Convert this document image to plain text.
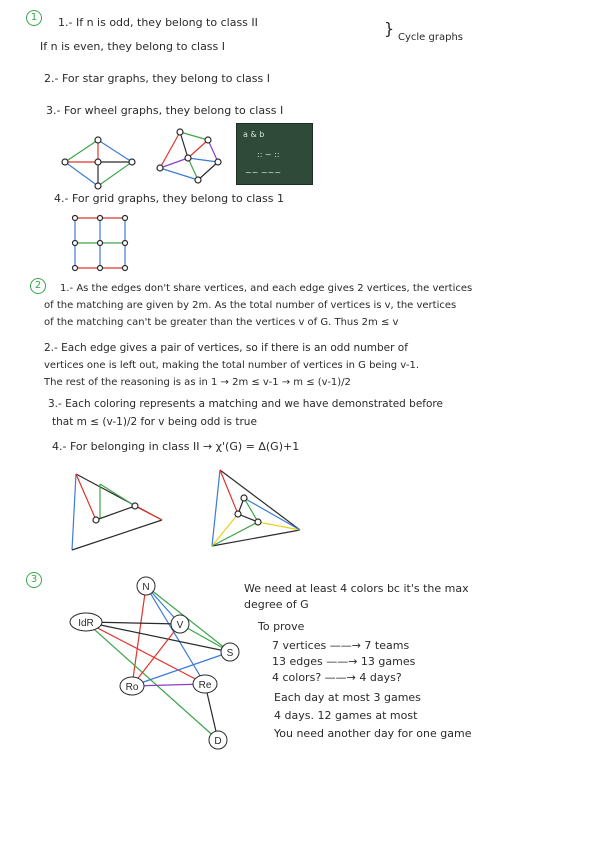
1	1.- If n is odd, they belong to class II
If n is even, they belong to class I
} Cycle graphs
2.- For star graphs, they belong to class I
3.- For wheel graphs, they belong to class I
4.- For grid graphs, they belong to class 1
a & b
:: ~ ::
~~ ~~~
2	1.- As the edges don't share vertices, and each edge gives 2 vertices, the vertices
of the matching are given by 2m. As the total number of vertices is v, the vertices
of the matching can't be greater than the vertices v of G. Thus 2m ≤ v
2.- Each edge gives a pair of vertices, so if there is an odd number of
vertices one is left out, making the total number of vertices in G being v-1.
The rest of the reasoning is as in 1 → 2m ≤ v-1 → m ≤ (v-1)/2
3.- Each coloring represents a matching and we have demonstrated before
that m ≤ (v-1)/2 for v being odd is true
4.- For belonging in class II → χ'(G) = Δ(G)+1
3
We need at least 4 colors bc it's the max
degree of G
To prove
7 vertices ——→ 7 teams
13 edges ——→ 13 games
4 colors? ——→ 4 days?
Each day at most 3 games
4 days. 12 games at most
You need another day for one game
N
IdR	V
S
Ro	Re
D
